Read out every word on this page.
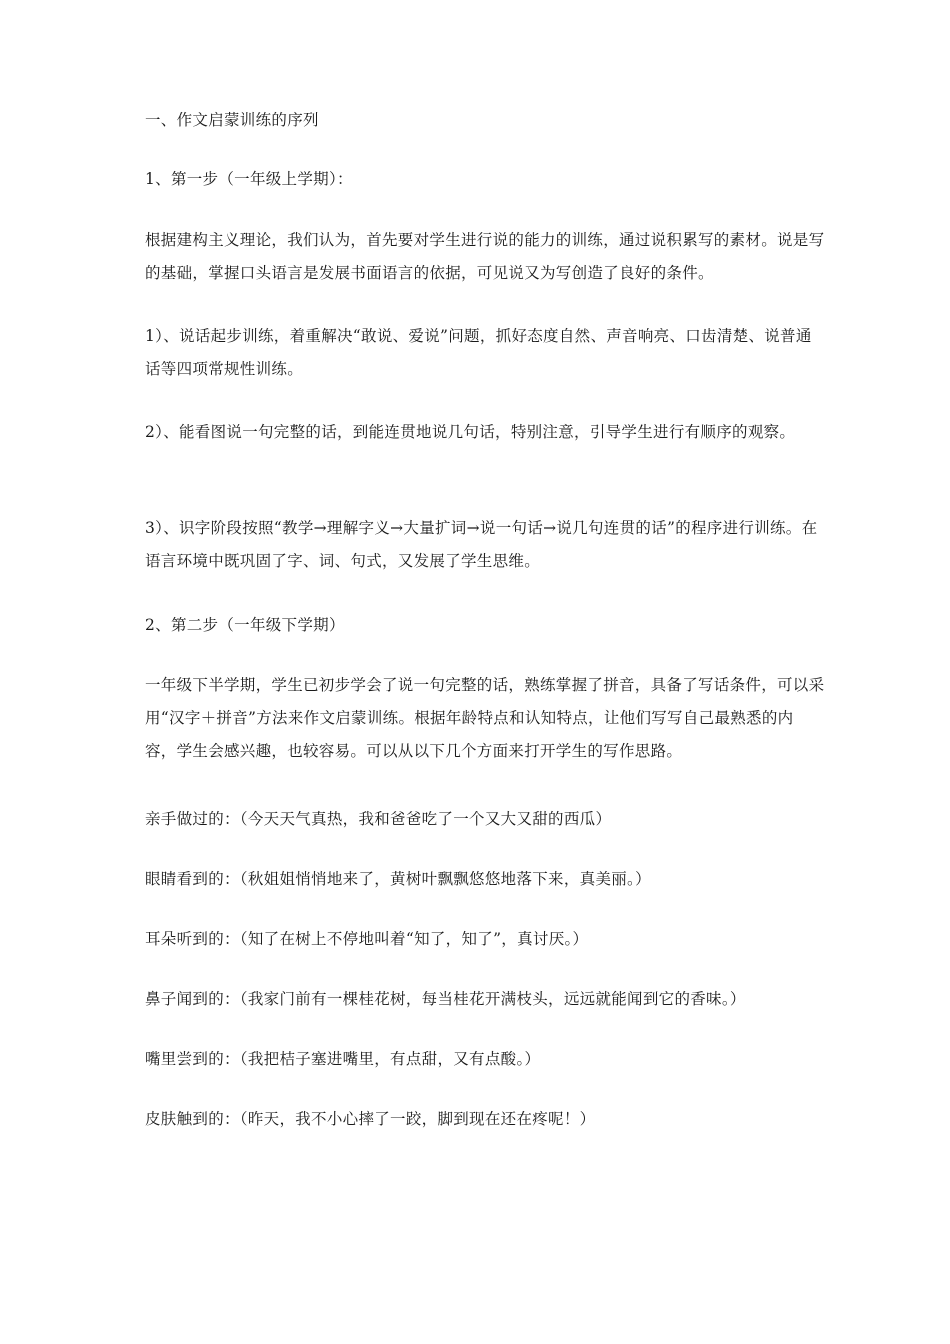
一、作文启蒙训练的序列
1、第一步（一年级上学期）：
根据建构主义理论，我们认为，首先要对学生进行说的能力的训练，通过说积累写的素材。说是写的基础，掌握口头语言是发展书面语言的依据，可见说又为写创造了良好的条件。
1）、说话起步训练，着重解决“敢说、爱说”问题，抓好态度自然、声音响亮、口齿清楚、说普通话等四项常规性训练。
2）、能看图说一句完整的话，到能连贯地说几句话，特别注意，引导学生进行有顺序的观察。
3）、识字阶段按照“教学→理解字义→大量扩词→说一句话→说几句连贯的话”的程序进行训练。在语言环境中既巩固了字、词、句式，又发展了学生思维。
2、第二步（一年级下学期）
一年级下半学期，学生已初步学会了说一句完整的话，熟练掌握了拼音，具备了写话条件，可以采用“汉字＋拼音”方法来作文启蒙训练。根据年龄特点和认知特点，让他们写写自己最熟悉的内容，学生会感兴趣，也较容易。可以从以下几个方面来打开学生的写作思路。
亲手做过的：（今天天气真热，我和爸爸吃了一个又大又甜的西瓜）
眼睛看到的：（秋姐姐悄悄地来了，黄树叶飘飘悠悠地落下来，真美丽。）
耳朵听到的：（知了在树上不停地叫着“知了，知了”，真讨厌。）
鼻子闻到的：（我家门前有一棵桂花树，每当桂花开满枝头，远远就能闻到它的香味。）
嘴里尝到的：（我把桔子塞进嘴里，有点甜，又有点酸。）
皮肤触到的：（昨天，我不小心摔了一跤，脚到现在还在疼呢！）
